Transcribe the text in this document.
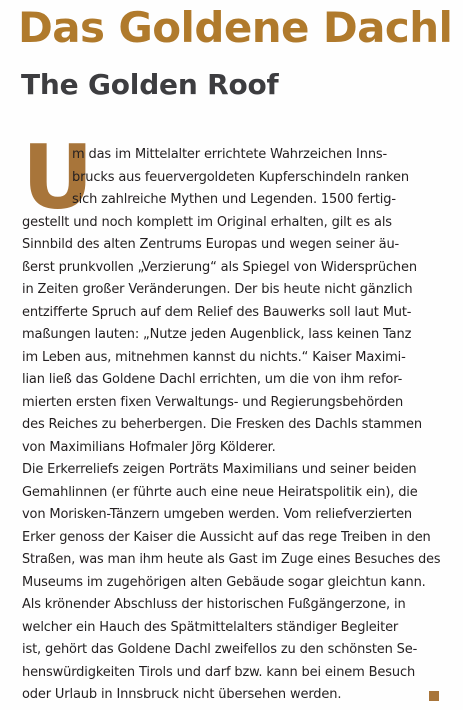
Das Goldene Dachl
The Golden Roof
U
m das im Mittelalter errichtete Wahrzeichen Inns-
brucks aus feuervergoldeten Kupferschindeln ranken
sich zahlreiche Mythen und Legenden. 1500 fertig-
gestellt und noch komplett im Original erhalten, gilt es als
Sinnbild des alten Zentrums Europas und wegen seiner äu-
ßerst prunkvollen „Verzierung“ als Spiegel von Widersprüchen
in Zeiten großer Veränderungen. Der bis heute nicht gänzlich
entzifferte Spruch auf dem Relief des Bauwerks soll laut Mut-
maßungen lauten: „Nutze jeden Augenblick, lass keinen Tanz
im Leben aus, mitnehmen kannst du nichts.“ Kaiser Maximi-
lian ließ das Goldene Dachl errichten, um die von ihm refor-
mierten ersten fixen Verwaltungs- und Regierungsbehörden
des Reiches zu beherbergen. Die Fresken des Dachls stammen
von Maximilians Hofmaler Jörg Kölderer.
Die Erkerreliefs zeigen Porträts Maximilians und seiner beiden
Gemahlinnen (er führte auch eine neue Heiratspolitik ein), die
von Morisken-Tänzern umgeben werden. Vom reliefverzierten
Erker genoss der Kaiser die Aussicht auf das rege Treiben in den
Straßen, was man ihm heute als Gast im Zuge eines Besuches des
Museums im zugehörigen alten Gebäude sogar gleichtun kann.
Als krönender Abschluss der historischen Fußgängerzone, in
welcher ein Hauch des Spätmittelalters ständiger Begleiter
ist, gehört das Goldene Dachl zweifellos zu den schönsten Se-
henswürdigkeiten Tirols und darf bzw. kann bei einem Besuch
oder Urlaub in Innsbruck nicht übersehen werden.
